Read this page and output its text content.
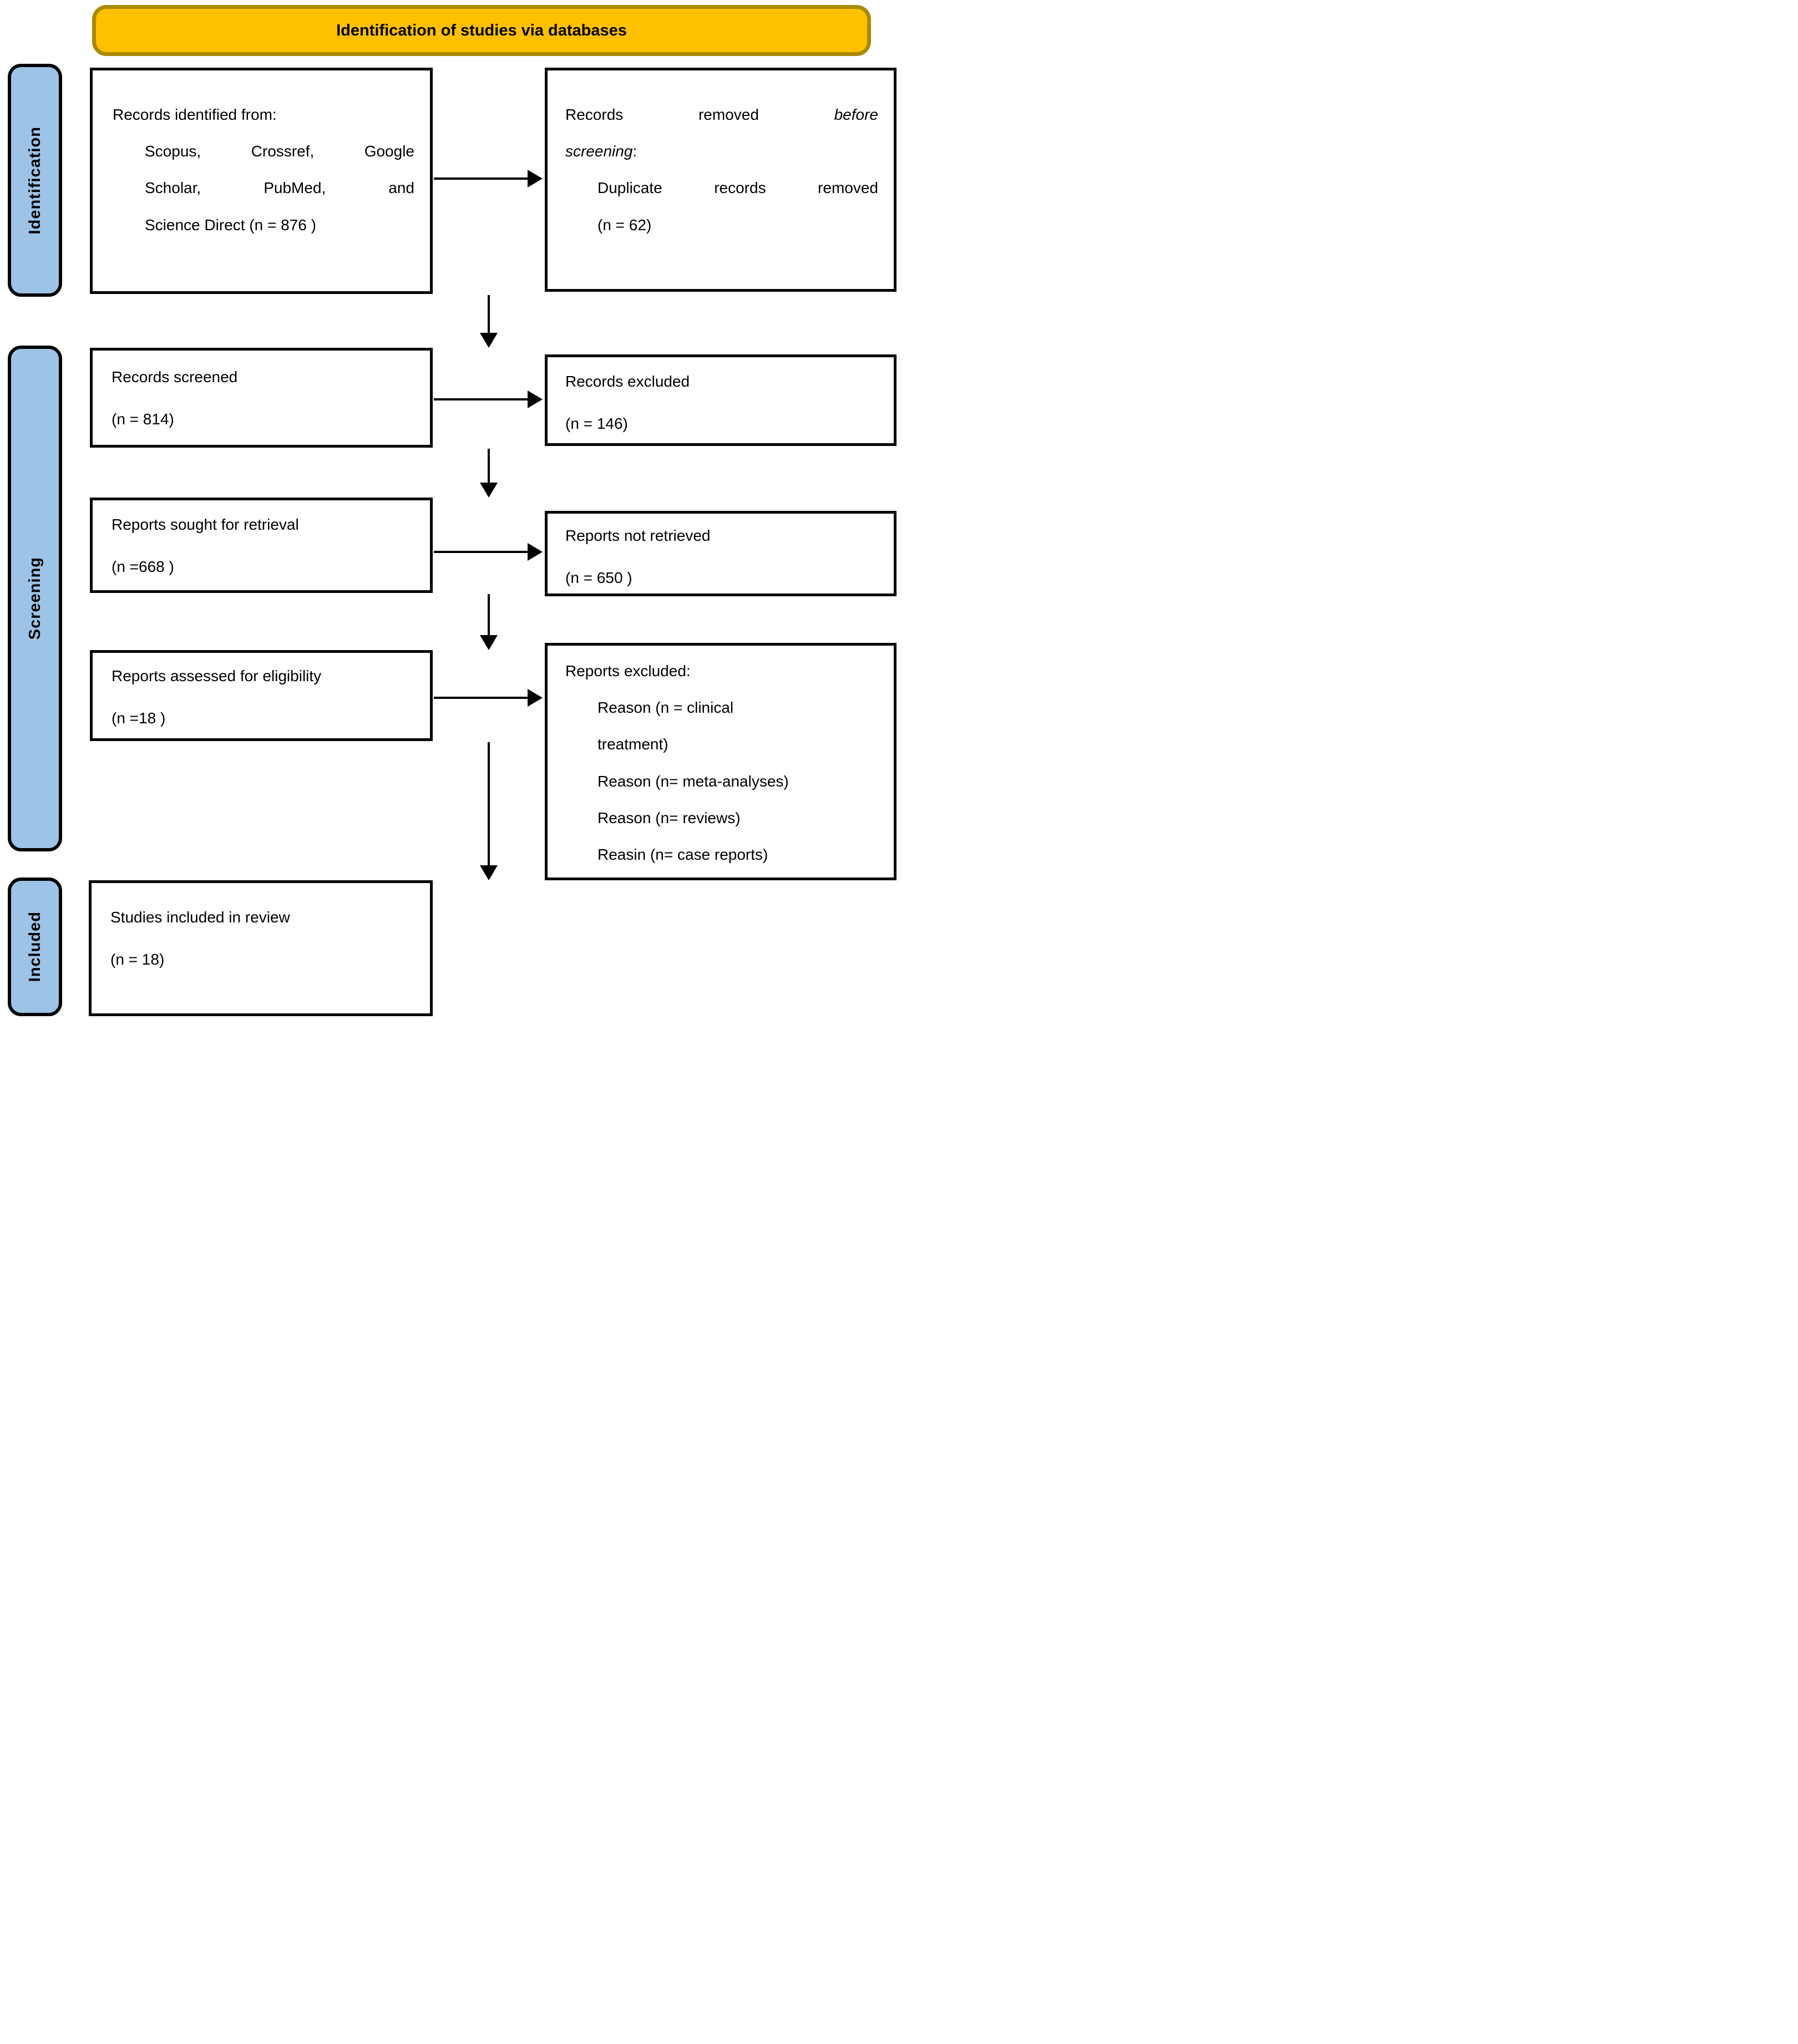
Identification of studies via databases
Identification
Screening
Included
Records identified from:
Scopus, Crossref, Google
Scholar, PubMed, and
Science Direct (n = 876 )
Records removed	before
screening:
Duplicate records removed
(n = 62)
Records screened
(n = 814)
Records excluded
(n = 146)
Reports sought for retrieval
(n =668 )
Reports not retrieved
(n = 650 )
Reports assessed for eligibility
(n =18 )
Reports excluded:
Reason (n = clinical
treatment)
Reason (n= meta-analyses)
Reason (n= reviews)
Reasin (n= case reports)
Studies included in review
(n = 18)
